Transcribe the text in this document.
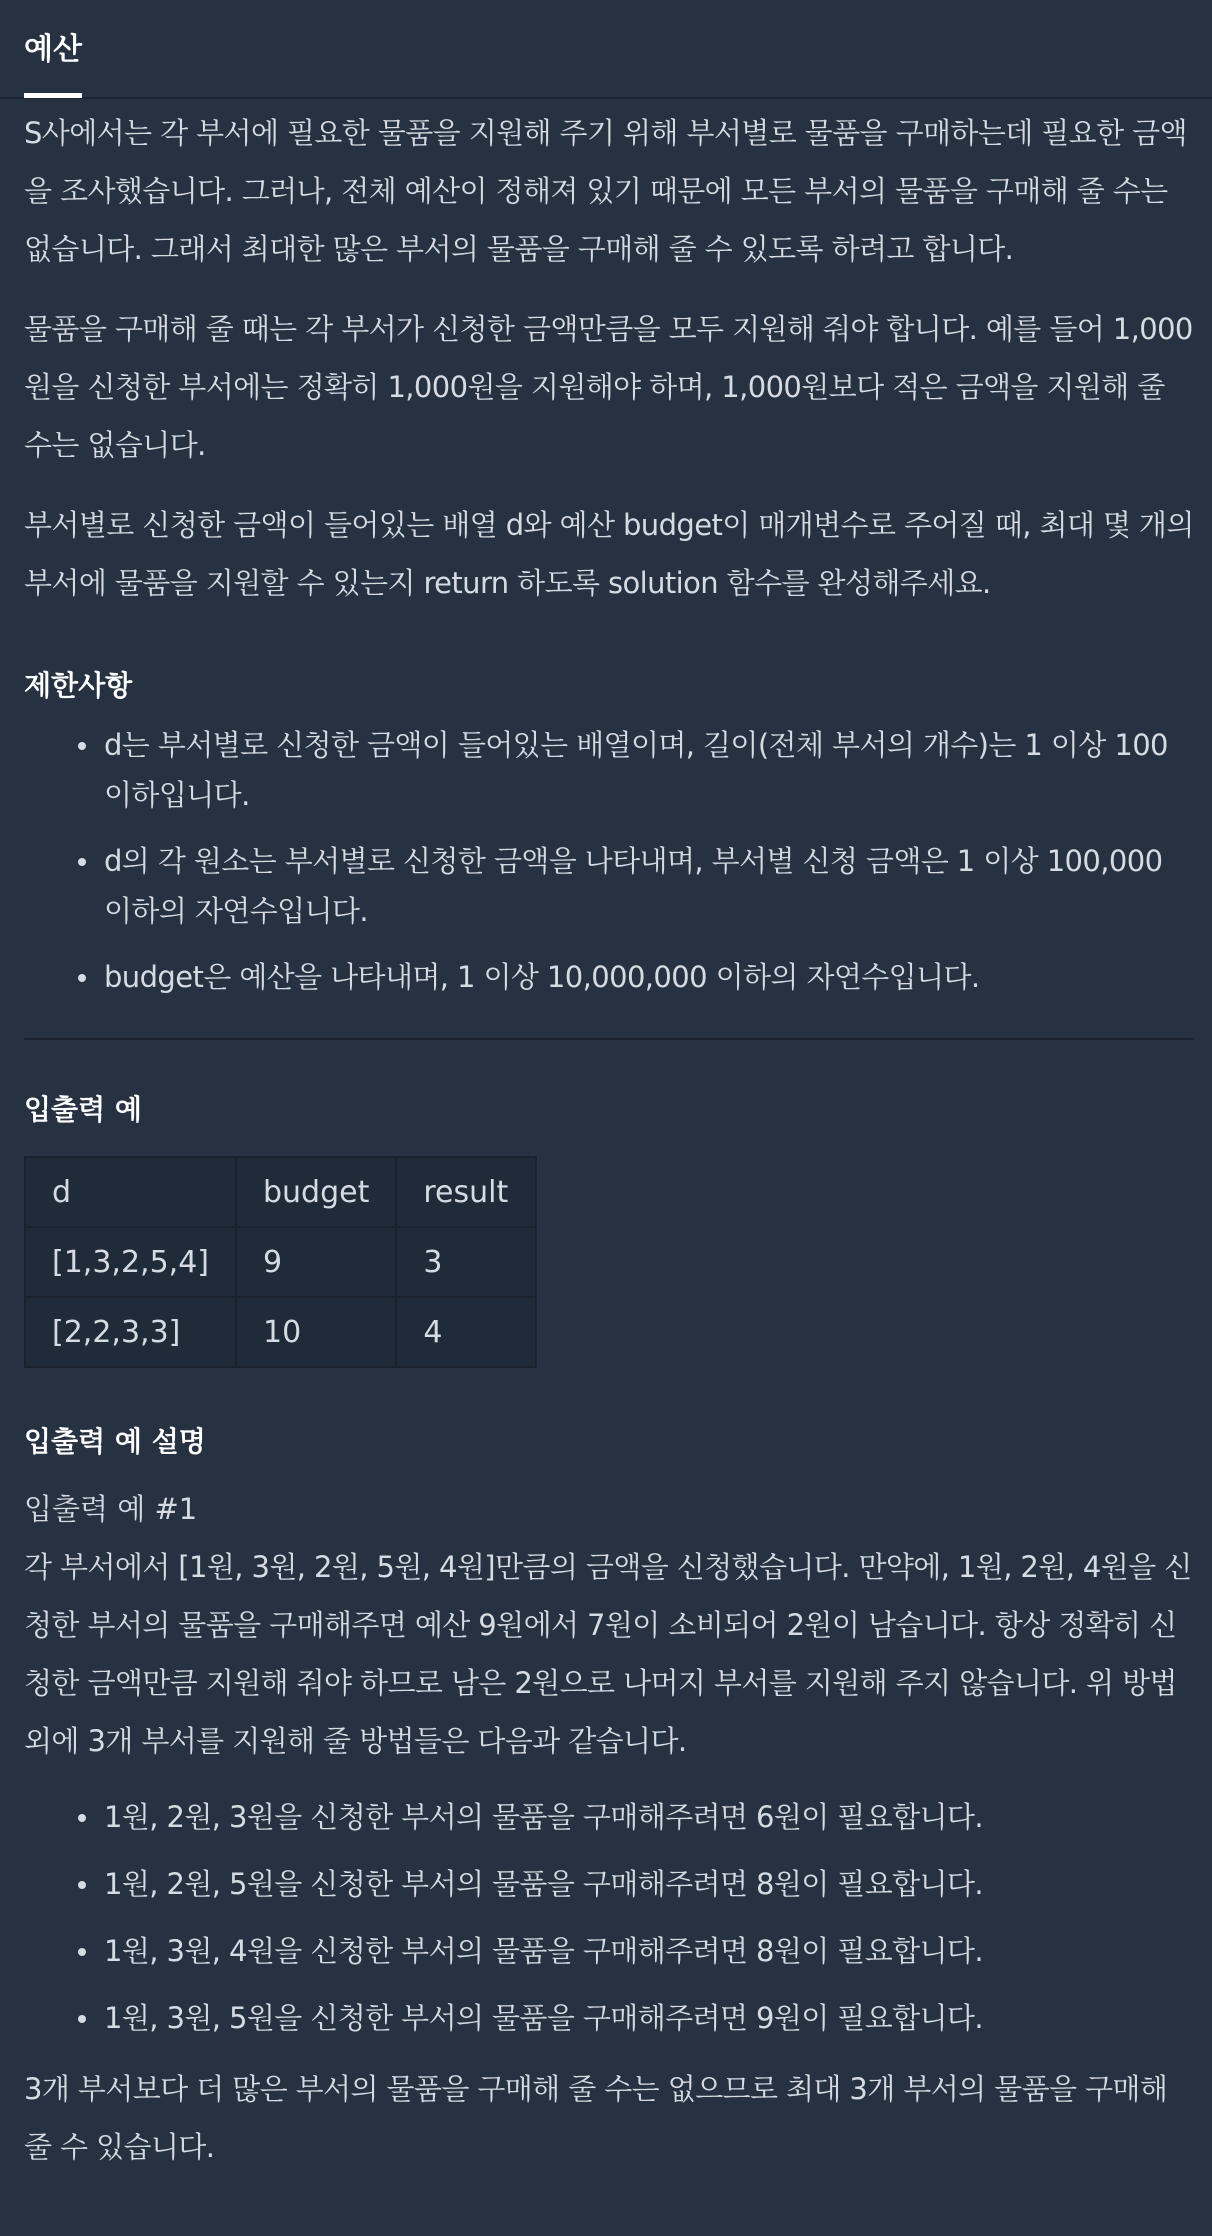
예산

S사에서는 각 부서에 필요한 물품을 지원해 주기 위해 부서별로 물품을 구매하는데 필요한 금액을 조사했습니다. 그러나, 전체 예산이 정해져 있기 때문에 모든 부서의 물품을 구매해 줄 수는 없습니다. 그래서 최대한 많은 부서의 물품을 구매해 줄 수 있도록 하려고 합니다.

물품을 구매해 줄 때는 각 부서가 신청한 금액만큼을 모두 지원해 줘야 합니다. 예를 들어 1,000원을 신청한 부서에는 정확히 1,000원을 지원해야 하며, 1,000원보다 적은 금액을 지원해 줄 수는 없습니다.

부서별로 신청한 금액이 들어있는 배열 d와 예산 budget이 매개변수로 주어질 때, 최대 몇 개의 부서에 물품을 지원할 수 있는지 return 하도록 solution 함수를 완성해주세요.

제한사항
d는 부서별로 신청한 금액이 들어있는 배열이며, 길이(전체 부서의 개수)는 1 이상 100 이하입니다.
d의 각 원소는 부서별로 신청한 금액을 나타내며, 부서별 신청 금액은 1 이상 100,000 이하의 자연수입니다.
budget은 예산을 나타내며, 1 이상 10,000,000 이하의 자연수입니다.
입출력 예
d	budget	result
[1,3,2,5,4]	9	3
[2,2,3,3]	10	4
입출력 예 설명
입출력 예 #1

각 부서에서 [1원, 3원, 2원, 5원, 4원]만큼의 금액을 신청했습니다. 만약에, 1원, 2원, 4원을 신청한 부서의 물품을 구매해주면 예산 9원에서 7원이 소비되어 2원이 남습니다. 항상 정확히 신청한 금액만큼 지원해 줘야 하므로 남은 2원으로 나머지 부서를 지원해 주지 않습니다. 위 방법 외에 3개 부서를 지원해 줄 방법들은 다음과 같습니다.

1원, 2원, 3원을 신청한 부서의 물품을 구매해주려면 6원이 필요합니다.
1원, 2원, 5원을 신청한 부서의 물품을 구매해주려면 8원이 필요합니다.
1원, 3원, 4원을 신청한 부서의 물품을 구매해주려면 8원이 필요합니다.
1원, 3원, 5원을 신청한 부서의 물품을 구매해주려면 9원이 필요합니다.

3개 부서보다 더 많은 부서의 물품을 구매해 줄 수는 없으므로 최대 3개 부서의 물품을 구매해 줄 수 있습니다.
